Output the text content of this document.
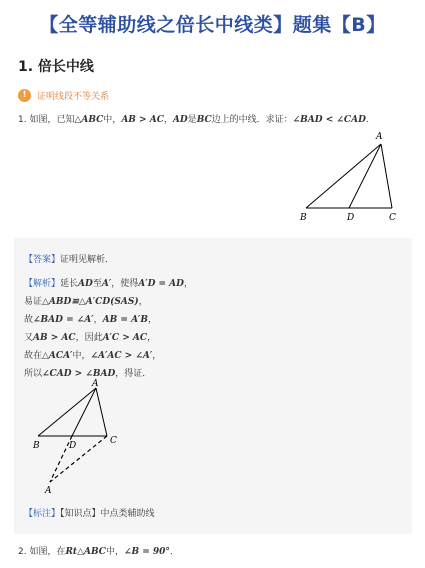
【全等辅助线之倍长中线类】题集【B】
1. 倍长中线
!	证明线段不等关系
1. 如图，已知△ABC中，AB > AC，AD是BC边上的中线．求证：∠BAD < ∠CAD．
A
B	C
D
【答案】证明见解析．
【解析】延长AD至A′，使得A′D = AD，
易证△ABD≌△A′CD(SAS)，
故∠BAD = ∠A′，AB = A′B，
又AB > AC，因此A′C > AC，
故在△ACA′中，∠A′AC > ∠A′，
所以∠CAD > ∠BAD，得证．
A
B	C
D
A
【标注】【知识点】中点类辅助线
2. 如图，在Rt△ABC中，∠B = 90°．
